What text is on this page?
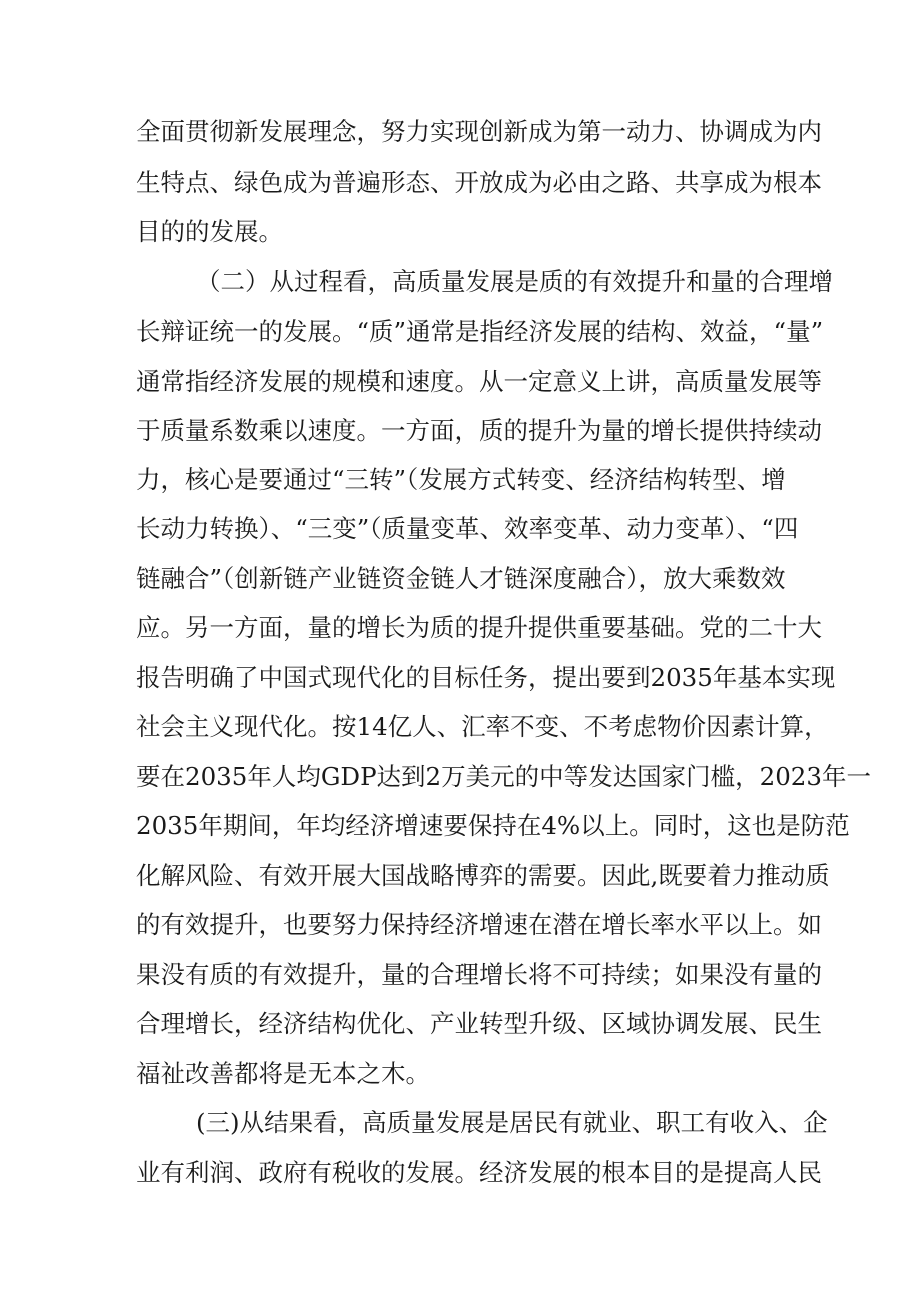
全面贯彻新发展理念，努力实现创新成为第一动力、协调成为内
生特点、绿色成为普遍形态、开放成为必由之路、共享成为根本
目的的发展。
（二）从过程看，高质量发展是质的有效提升和量的合理增
长辩证统一的发展。“质”通常是指经济发展的结构、效益，“量”
通常指经济发展的规模和速度。从一定意义上讲，高质量发展等
于质量系数乘以速度。一方面，质的提升为量的增长提供持续动
力，核心是要通过“三转”（发展方式转变、经济结构转型、增
长动力转换）、“三变”（质量变革、效率变革、动力变革）、“四
链融合”（创新链产业链资金链人才链深度融合），放大乘数效
应。另一方面，量的增长为质的提升提供重要基础。党的二十大
报告明确了中国式现代化的目标任务，提出要到2035年基本实现
社会主义现代化。按14亿人、汇率不变、不考虑物价因素计算，
要在2035年人均GDP达到2万美元的中等发达国家门槛，2023年一
2035年期间，年均经济增速要保持在4%以上。同时，这也是防范
化解风险、有效开展大国战略博弈的需要。因此,既要着力推动质
的有效提升，也要努力保持经济增速在潜在增长率水平以上。如
果没有质的有效提升，量的合理增长将不可持续；如果没有量的
合理增长，经济结构优化、产业转型升级、区域协调发展、民生
福祉改善都将是无本之木。
(三)从结果看，高质量发展是居民有就业、职工有收入、企
业有利润、政府有税收的发展。经济发展的根本目的是提高人民
